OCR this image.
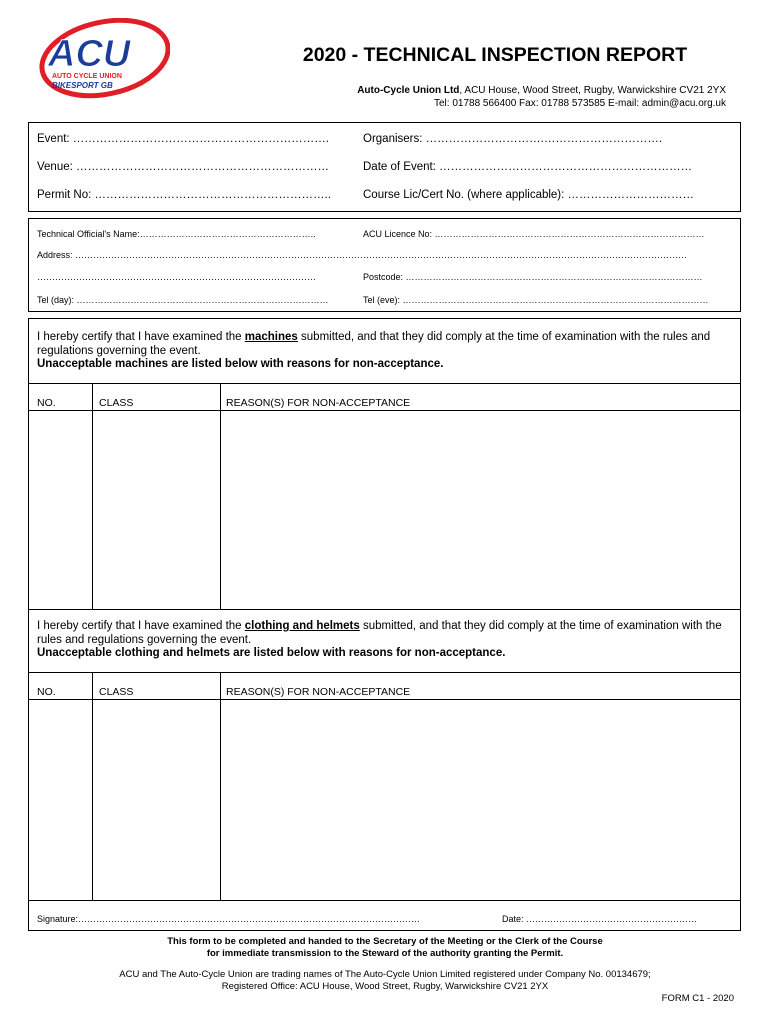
ACU
AUTO CYCLE UNION
BIKESPORT GB
2020 - TECHNICAL INSPECTION REPORT
Auto-Cycle Union Ltd, ACU House, Wood Street, Rugby, Warwickshire CV21 2YX
Tel: 01788 566400 Fax: 01788 573585 E-mail: admin@acu.org.uk
Event: ………………………………………………………….	Organisers: ………………………….………………………….
Venue: …………………………………………………………	Date of Event: …………………………………………………………
Permit No: ……………………………………………………..	Course Lic/Cert No. (where applicable): ……………………………
Technical Official's Name:…………………………………………………..	ACU Licence No: ………………………………………………………………………………
Address: ……………………………………………………………………………………………………………………………………………………………………………………
…………………………………………………………………………………	Postcode: ………………………………………………………………………………………
Tel (day): …………………………………………………………………………	Tel (eve): …………………………………………………………………………………………
I hereby certify that I have examined the machines submitted, and that they did comply at the time of examination with the rules and regulations governing the event.
Unacceptable machines are listed below with reasons for non-acceptance.
NO.	CLASS	REASON(S) FOR NON-ACCEPTANCE
I hereby certify that I have examined the clothing and helmets submitted, and that they did comply at the time of examination with the rules and regulations governing the event.
Unacceptable clothing and helmets are listed below with reasons for non-acceptance.
NO.	CLASS	REASON(S) FOR NON-ACCEPTANCE
Signature:……………………………………………………………………………………………………	Date: …………………………………………………
This form to be completed and handed to the Secretary of the Meeting or the Clerk of the Course
for immediate transmission to the Steward of the authority granting the Permit.
ACU and The Auto-Cycle Union are trading names of The Auto-Cycle Union Limited registered under Company No. 00134679;
Registered Office: ACU House, Wood Street, Rugby, Warwickshire CV21 2YX
FORM C1 - 2020
